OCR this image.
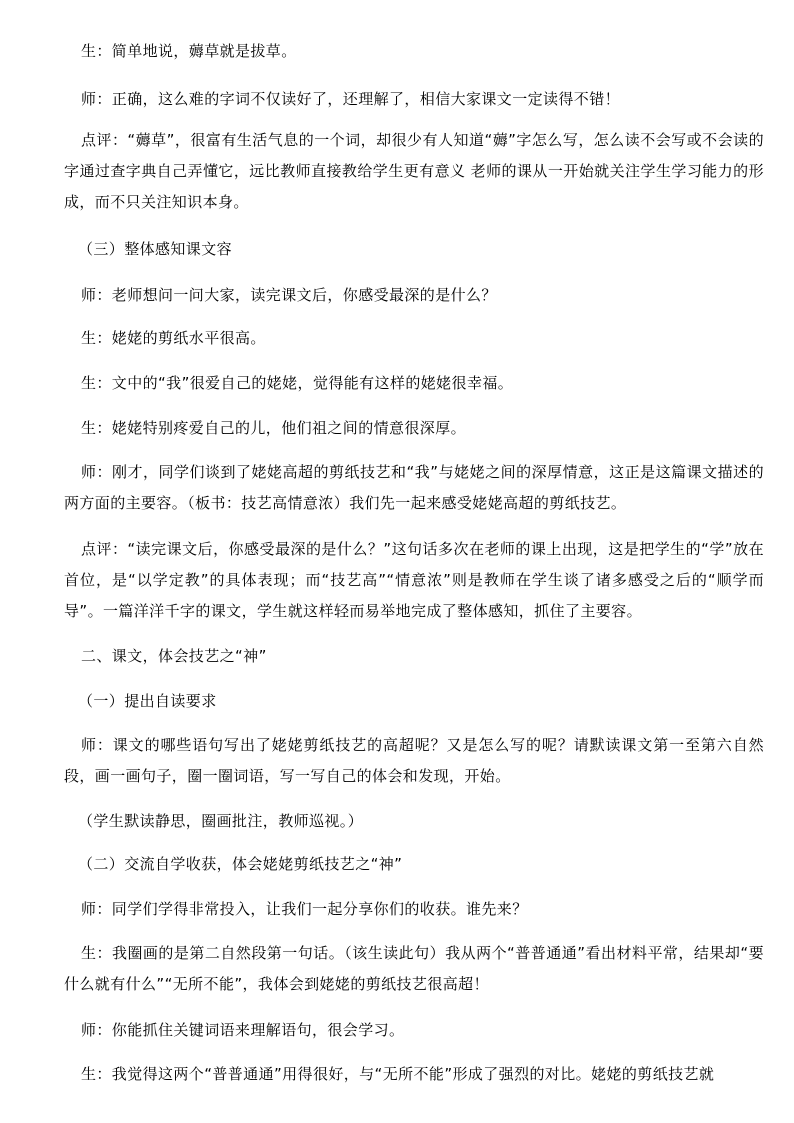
生：简单地说，薅草就是拔草。

师：正确，这么难的字词不仅读好了，还理解了，相信大家课文一定读得不错！

点评：“薅草”，很富有生活气息的一个词，却很少有人知道“薅”字怎么写，怎么读不会写或不会读的字通过查字典自己弄懂它，远比教师直接教给学生更有意义 老师的课从一开始就关注学生学习能力的形成，而不只关注知识本身。

（三）整体感知课文容

师：老师想问一问大家，读完课文后，你感受最深的是什么？

生：姥姥的剪纸水平很高。

生：文中的“我”很爱自己的姥姥，觉得能有这样的姥姥很幸福。

生：姥姥特别疼爱自己的儿，他们祖之间的情意很深厚。

师：刚才，同学们谈到了姥姥高超的剪纸技艺和“我”与姥姥之间的深厚情意，这正是这篇课文描述的两方面的主要容。（板书：技艺高情意浓）我们先一起来感受姥姥高超的剪纸技艺。

点评：“读完课文后，你感受最深的是什么？”这句话多次在老师的课上出现，这是把学生的“学”放在首位，是“以学定教”的具体表现；而“技艺高”“情意浓”则是教师在学生谈了诸多感受之后的“顺学而导”。一篇洋洋千字的课文，学生就这样轻而易举地完成了整体感知，抓住了主要容。

二、课文，体会技艺之“神”

（一）提出自读要求

师：课文的哪些语句写出了姥姥剪纸技艺的高超呢？又是怎么写的呢？请默读课文第一至第六自然段，画一画句子，圈一圈词语，写一写自己的体会和发现，开始。

（学生默读静思，圈画批注，教师巡视。）

（二）交流自学收获，体会姥姥剪纸技艺之“神”

师：同学们学得非常投入，让我们一起分享你们的收获。谁先来？

生：我圈画的是第二自然段第一句话。（该生读此句）我从两个“普普通通”看出材料平常，结果却“要什么就有什么”“无所不能”，我体会到姥姥的剪纸技艺很高超！

师：你能抓住关键词语来理解语句，很会学习。

生：我觉得这两个“普普通通”用得很好，与“无所不能”形成了强烈的对比。姥姥的剪纸技艺就
